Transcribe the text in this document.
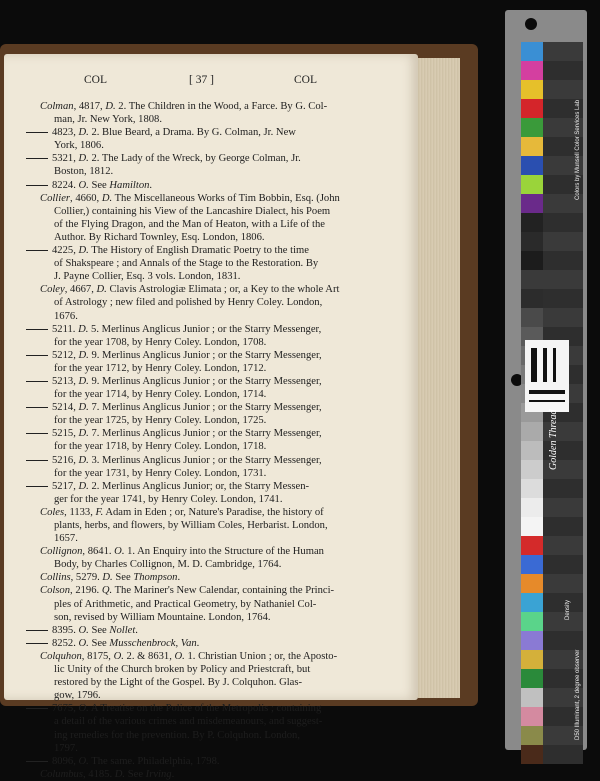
COL	[ 37 ]	COL
Colman, 4817, D. 2. The Children in the Wood, a Farce. By G. Col-
man, Jr. New York, 1808.
4823, D. 2. Blue Beard, a Drama. By G. Colman, Jr. New
York, 1806.
5321, D. 2. The Lady of the Wreck, by George Colman, Jr.
Boston, 1812.
8224. O. See Hamilton.
Collier, 4660, D. The Miscellaneous Works of Tim Bobbin, Esq. (John
Collier,) containing his View of the Lancashire Dialect, his Poem
of the Flying Dragon, and the Man of Heaton, with a Life of the
Author. By Richard Townley, Esq. London, 1806.
4225, D. The History of English Dramatic Poetry to the time
of Shakspeare ; and Annals of the Stage to the Restoration. By
J. Payne Collier, Esq. 3 vols. London, 1831.
Coley, 4667, D. Clavis Astrologiæ Elimata ; or, a Key to the whole Art
of Astrology ; new filed and polished by Henry Coley. London,
1676.
5211. D. 5. Merlinus Anglicus Junior ; or the Starry Messenger,
for the year 1708, by Henry Coley. London, 1708.
5212, D. 9. Merlinus Anglicus Junior ; or the Starry Messenger,
for the year 1712, by Henry Coley. London, 1712.
5213, D. 9. Merlinus Anglicus Junior ; or the Starry Messenger,
for the year 1714, by Henry Coley. London, 1714.
5214, D. 7. Merlinus Anglicus Junior ; or the Starry Messenger,
for the year 1725, by Henry Coley. London, 1725.
5215, D. 7. Merlinus Anglicus Junior ; or the Starry Messenger,
for the year 1718, by Henry Coley. London, 1718.
5216, D. 3. Merlinus Anglicus Junior ; or the Starry Messenger,
for the year 1731, by Henry Coley. London, 1731.
5217, D. 2. Merlinus Anglicus Junior; or, the Starry Messen-
ger for the year 1741, by Henry Coley. London, 1741.
Coles, 1133, F. Adam in Eden ; or, Nature's Paradise, the history of
plants, herbs, and flowers, by William Coles, Herbarist. London,
1657.
Collignon, 8641. O. 1. An Enquiry into the Structure of the Human
Body, by Charles Collignon, M. D. Cambridge, 1764.
Collins, 5279. D. See Thompson.
Colson, 2196. Q. The Mariner's New Calendar, containing the Princi-
ples of Arithmetic, and Practical Geometry, by Nathaniel Col-
son, revised by William Mountaine. London, 1764.
8395. O. See Nollet.
8252. O. See Musschenbrock, Van.
Colquhon, 8175, O. 2. & 8631, O. 1. Christian Union ; or, the Aposto-
lic Unity of the Church broken by Policy and Priestcraft, but
restored by the Light of the Gospel. By J. Colquhon. Glas-
gow, 1796.
7675, O. A Treatise on the Police of the Metropolis ; containing
a detail of the various crimes and misdemeanours, and suggest-
ing remedies for the prevention. By P. Colquhon. London,
1797.
8096, O. The same. Philadelphia, 1798.
Columbus, 4185. D. See Irving.
Colors by Munsell Color Services Lab
Density
D50 Illuminant, 2 degree observer
Golden Thread
